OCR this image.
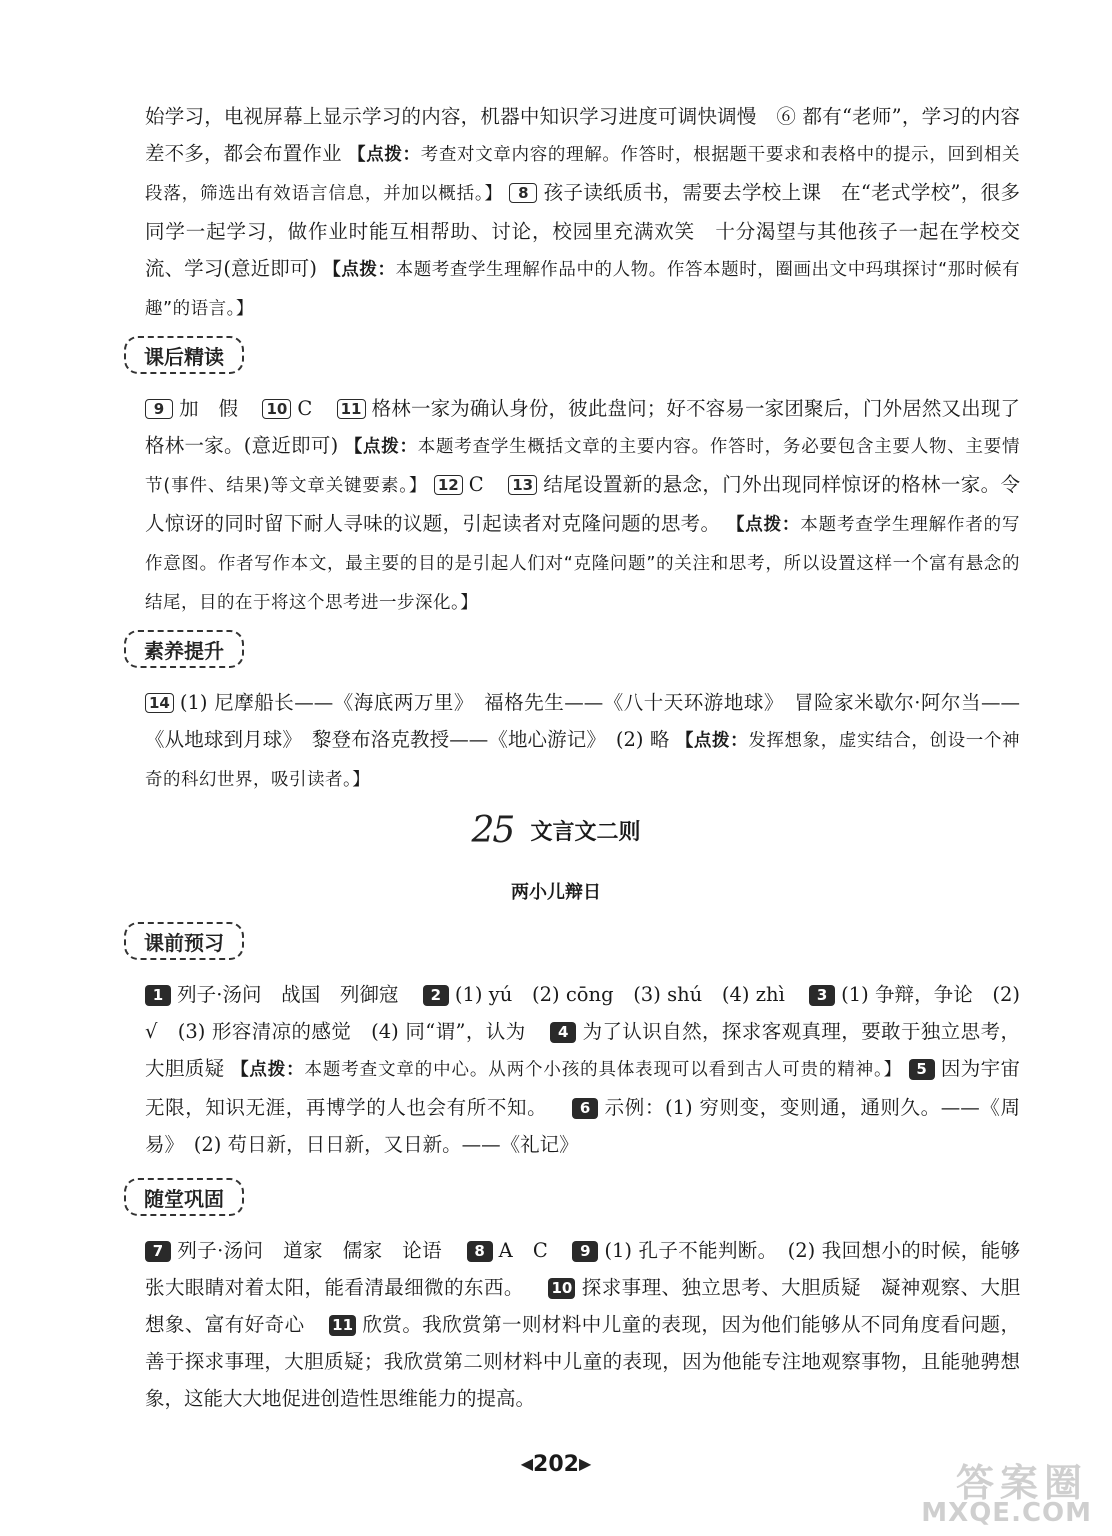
始学习，电视屏幕上显示学习的内容，机器中知识学习进度可调快调慢　⑥ 都有“老师”，学习的内容差不多，都会布置作业 【点拨：考查对文章内容的理解。作答时，根据题干要求和表格中的提示，回到相关段落，筛选出有效语言信息，并加以概括。】 8 孩子读纸质书，需要去学校上课　在“老式学校”，很多同学一起学习，做作业时能互相帮助、讨论，校园里充满欢笑　十分渴望与其他孩子一起在学校交流、学习(意近即可) 【点拨：本题考查学生理解作品中的人物。作答本题时，圈画出文中玛琪探讨“那时候有趣”的语言。】
课后精读
9 加　假 10 C 11 格林一家为确认身份，彼此盘问；好不容易一家团聚后，门外居然又出现了格林一家。(意近即可) 【点拨：本题考查学生概括文章的主要内容。作答时，务必要包含主要人物、主要情节(事件、结果)等文章关键要素。】 12 C 13 结尾设置新的悬念，门外出现同样惊讶的格林一家。令人惊讶的同时留下耐人寻味的议题，引起读者对克隆问题的思考。 【点拨：本题考查学生理解作者的写作意图。作者写作本文，最主要的目的是引起人们对“克隆问题”的关注和思考，所以设置这样一个富有悬念的结尾，目的在于将这个思考进一步深化。】
素养提升
14 (1) 尼摩船长——《海底两万里》　福格先生——《八十天环游地球》　冒险家米歇尔·阿尔当——《从地球到月球》　黎登布洛克教授——《地心游记》　(2) 略 【点拨：发挥想象，虚实结合，创设一个神奇的科幻世界，吸引读者。】
25 文言文二则
两小儿辩日
课前预习
1 列子·汤问　战国　列御寇 2 (1) yú　(2) cōng　(3) shú　(4) zhì 3 (1) 争辩，争论　(2) √　(3) 形容清凉的感觉　(4) 同“谓”，认为 4 为了认识自然，探求客观真理，要敢于独立思考，大胆质疑 【点拨：本题考查文章的中心。从两个小孩的具体表现可以看到古人可贵的精神。】 5 因为宇宙无限，知识无涯，再博学的人也会有所不知。 6 示例：(1) 穷则变，变则通，通则久。——《周易》　(2) 苟日新，日日新，又日新。——《礼记》
随堂巩固
7 列子·汤问　道家　儒家　论语 8 A　C 9 (1) 孔子不能判断。　(2) 我回想小的时候，能够张大眼睛对着太阳，能看清最细微的东西。 10 探求事理、独立思考、大胆质疑　凝神观察、大胆想象、富有好奇心 11 欣赏。我欣赏第一则材料中儿童的表现，因为他们能够从不同角度看问题，善于探求事理，大胆质疑；我欣赏第二则材料中儿童的表现，因为他能专注地观察事物，且能驰骋想象，这能大大地促进创造性思维能力的提高。
◀202▶	答案圈
MXQE.COM
